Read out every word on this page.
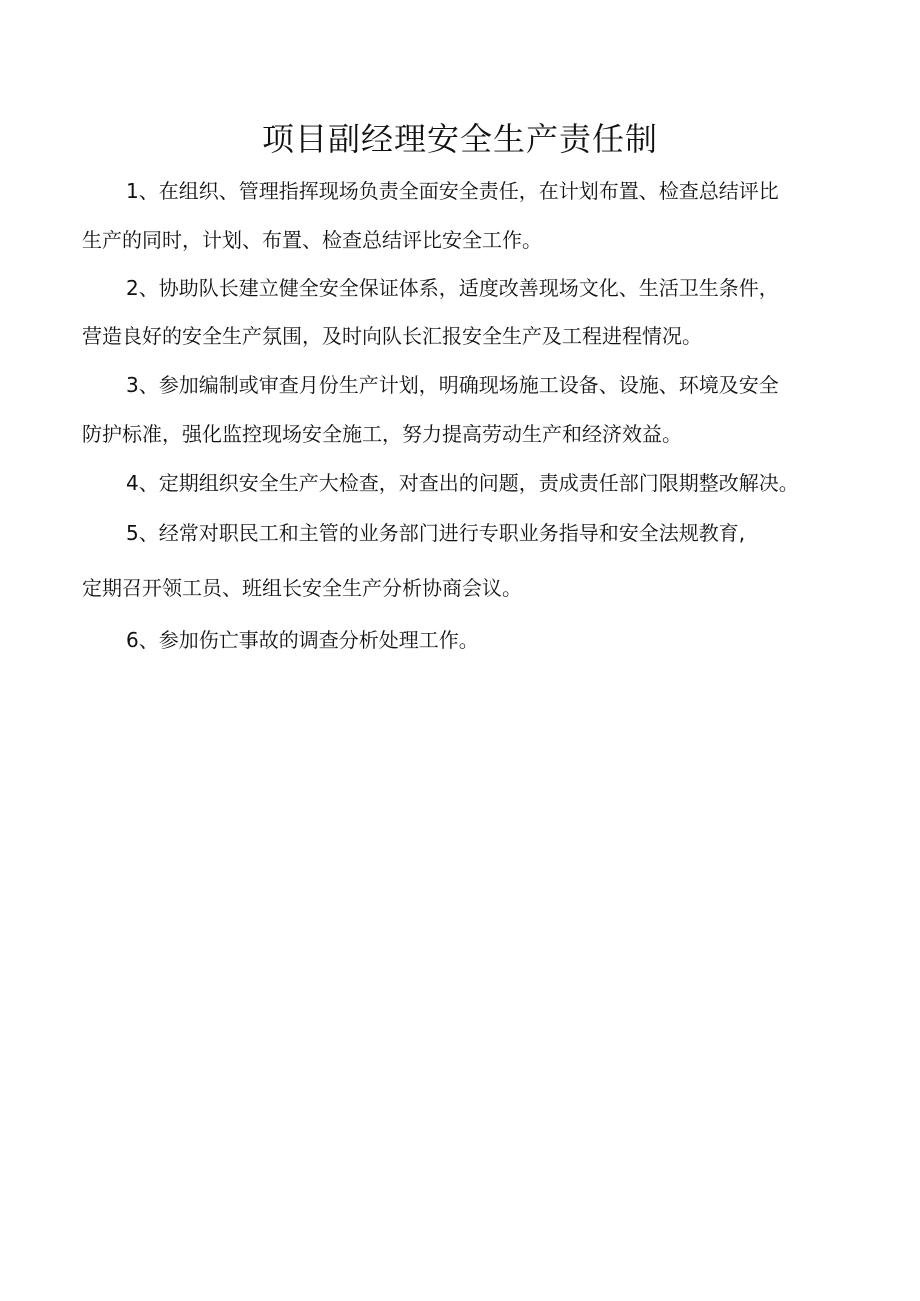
项目副经理安全生产责任制

1、在组织、管理指挥现场负责全面安全责任，在计划布置、检查总结评比

生产的同时，计划、布置、检查总结评比安全工作。

2、协助队长建立健全安全保证体系，适度改善现场文化、生活卫生条件，

营造良好的安全生产氛围，及时向队长汇报安全生产及工程进程情况。

3、参加编制或审查月份生产计划，明确现场施工设备、设施、环境及安全

防护标准，强化监控现场安全施工，努力提高劳动生产和经济效益。

4、定期组织安全生产大检查，对查出的问题，责成责任部门限期整改解决。

5、经常对职民工和主管的业务部门进行专职业务指导和安全法规教育,

定期召开领工员、班组长安全生产分析协商会议。

6、参加伤亡事故的调查分析处理工作。
